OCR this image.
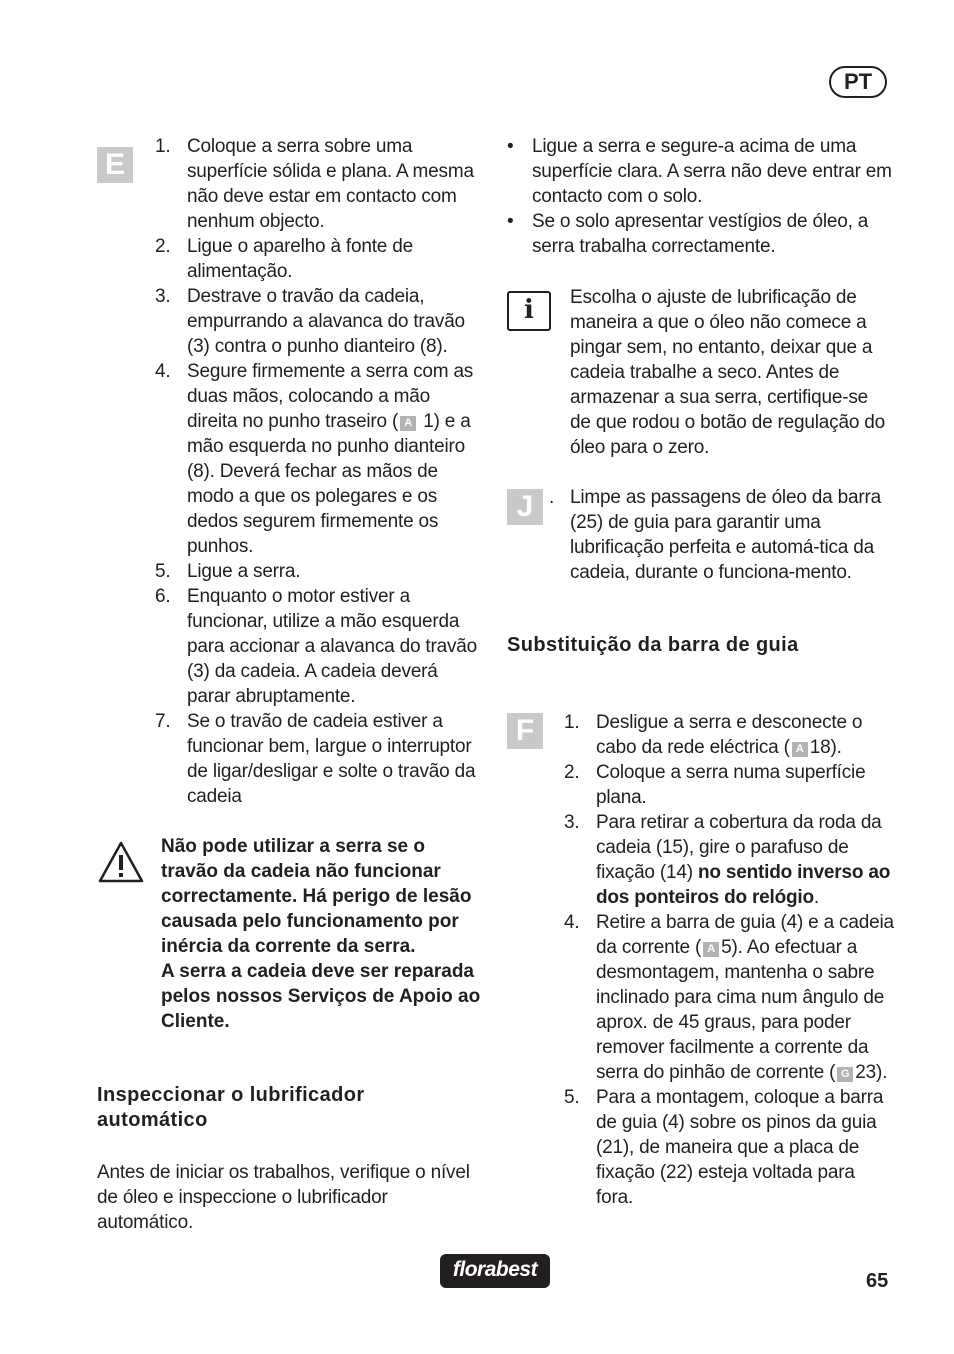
PT
E
1. Coloque a serra sobre uma superfície sólida e plana. A mesma não deve estar em contacto com nenhum objecto.
2. Ligue o aparelho à fonte de alimentação.
3. Destrave o travão da cadeia, empurrando a alavanca do travão (3) contra o punho dianteiro (8).
4. Segure firmemente a serra com as duas mãos, colocando a mão direita no punho traseiro ( A 1) e a mão esquerda no punho dianteiro (8). Deverá fechar as mãos de modo a que os polegares e os dedos segurem firmemente os punhos.
5. Ligue a serra.
6. Enquanto o motor estiver a funcionar, utilize a mão esquerda para accionar a alavanca do travão (3) da cadeia. A cadeia deverá parar abruptamente.
7. Se o travão de cadeia estiver a funcionar bem, largue o interruptor de ligar/desligar e solte o travão da cadeia
Não pode utilizar a serra se o travão da cadeia não funcionar correctamente. Há perigo de lesão causada pelo funcionamento por inércia da corrente da serra.
A serra a cadeia deve ser reparada pelos nossos Serviços de Apoio ao Cliente.
Inspeccionar o lubrificador automático
Antes de iniciar os trabalhos, verifique o nível de óleo e inspeccione o lubrificador automático.
• Ligue a serra e segure-a acima de uma superfície clara. A serra não deve entrar em contacto com o solo.
• Se o solo apresentar vestígios de óleo, a serra trabalha correctamente.
i	Escolha o ajuste de lubrificação de maneira a que o óleo não comece a pingar sem, no entanto, deixar que a cadeia trabalhe a seco. Antes de armazenar a sua serra, certifique-se de que rodou o botão de regulação do óleo para o zero.
J . Limpe as passagens de óleo da barra (25) de guia para garantir uma lubrificação perfeita e automá-tica da cadeia, durante o funciona-mento.
Substituição da barra de guia
F	1. Desligue a serra e desconecte o cabo da rede eléctrica ( A 18).
2. Coloque a serra numa superfície plana.
3. Para retirar a cobertura da roda da cadeia (15), gire o parafuso de fixação (14) no sentido inverso ao dos ponteiros do relógio.
4. Retire a barra de guia (4) e a cadeia da corrente ( A 5). Ao efectuar a desmontagem, mantenha o sabre inclinado para cima num ângulo de aprox. de 45 graus, para poder remover facilmente a corrente da serra do pinhão de corrente ( G 23).
5. Para a montagem, coloque a barra de guia (4) sobre os pinos da guia (21), de maneira que a placa de fixação (22) esteja voltada para fora.
florabest	65
